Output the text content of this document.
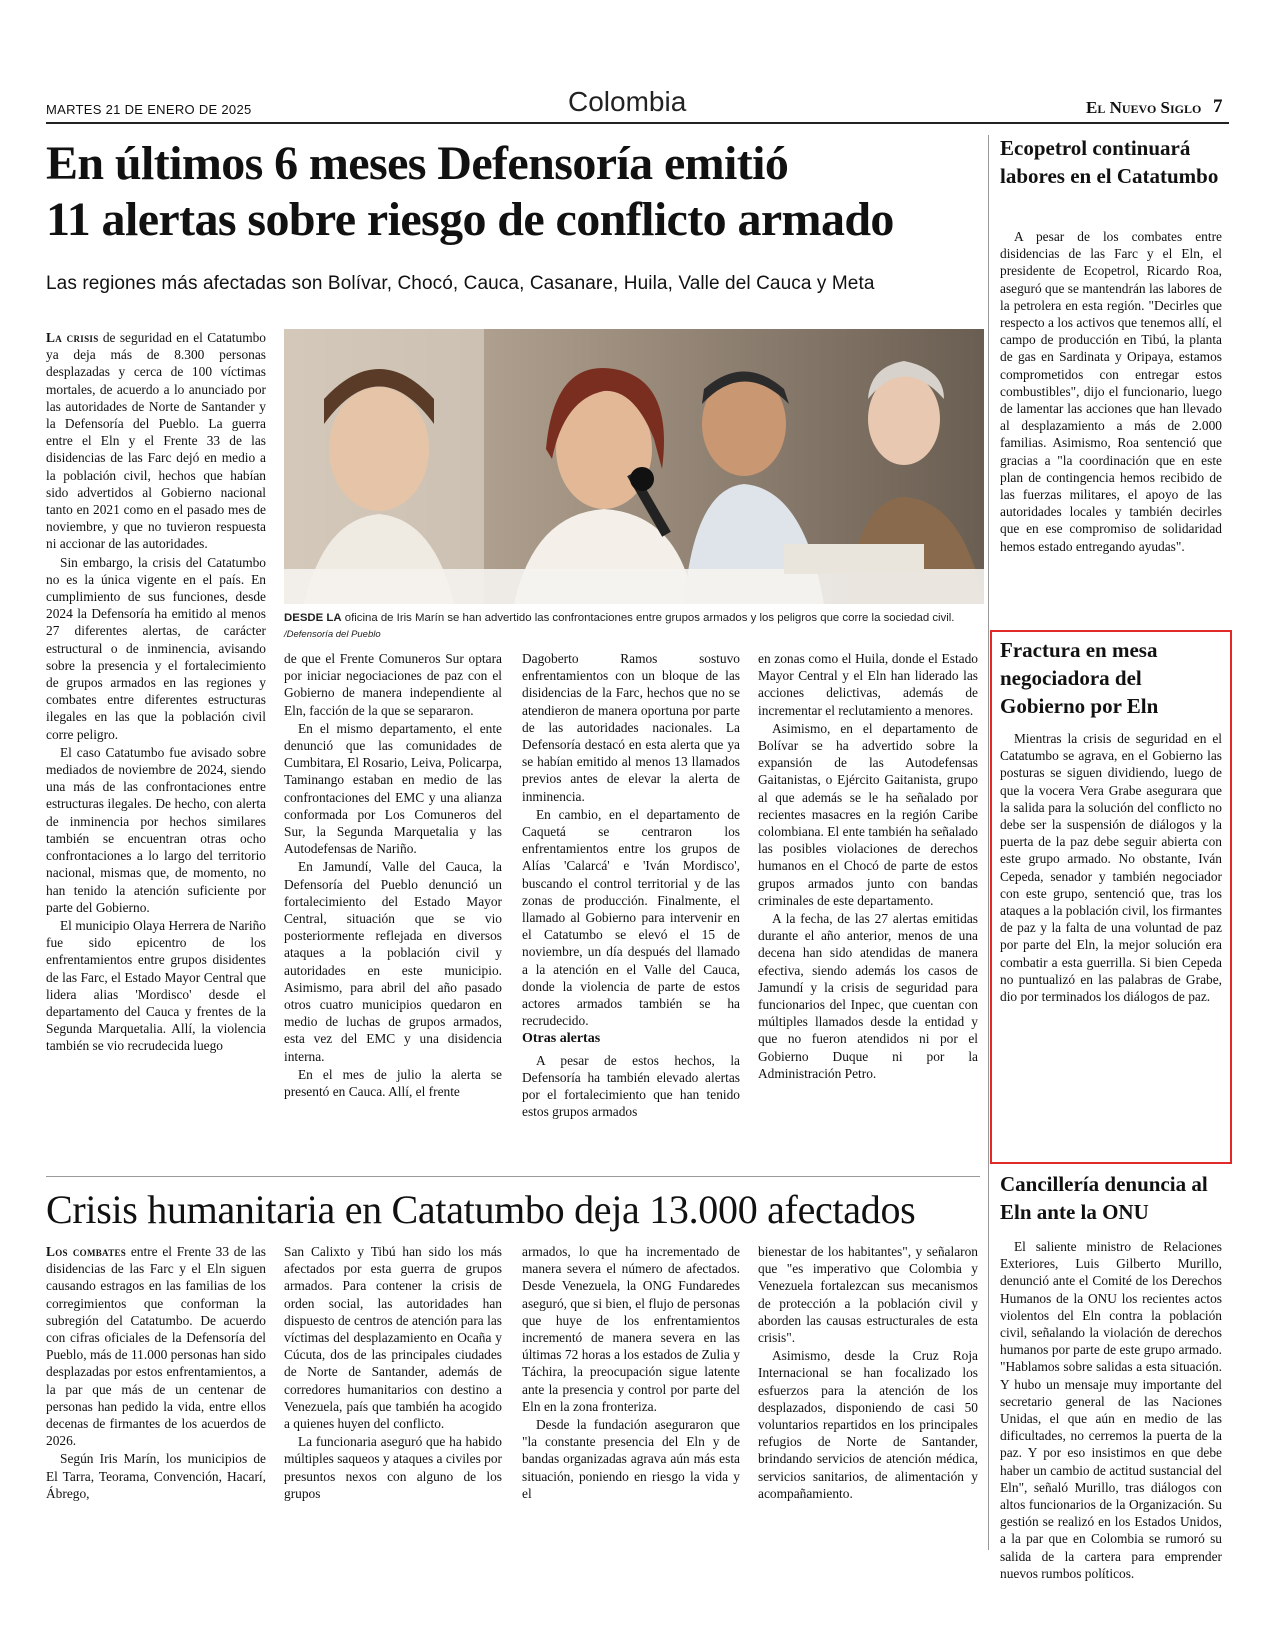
MARTES 21 DE ENERO DE 2025	Colombia	El Nuevo Siglo 7
En últimos 6 meses Defensoría emitió
11 alertas sobre riesgo de conflicto armado
Las regiones más afectadas son Bolívar, Chocó, Cauca, Casanare, Huila, Valle del Cauca y Meta

La crisis de seguridad en el Catatumbo ya deja más de 8.300 personas desplazadas y cerca de 100 víctimas mortales, de acuerdo a lo anunciado por las autoridades de Norte de Santander y la Defensoría del Pueblo. La guerra entre el Eln y el Frente 33 de las disidencias de las Farc dejó en medio a la población civil, hechos que habían sido advertidos al Gobierno nacional tanto en 2021 como en el pasado mes de noviembre, y que no tuvieron respuesta ni accionar de las autoridades.

Sin embargo, la crisis del Catatumbo no es la única vigente en el país. En cumplimiento de sus funciones, desde 2024 la Defensoría ha emitido al menos 27 diferentes alertas, de carácter estructural o de inminencia, avisando sobre la presencia y el fortalecimiento de grupos armados en las regiones y combates entre diferentes estructuras ilegales en las que la población civil corre peligro.

El caso Catatumbo fue avisado sobre mediados de noviembre de 2024, siendo una más de las confrontaciones entre estructuras ilegales. De hecho, con alerta de inminencia por hechos similares también se encuentran otras ocho confrontaciones a lo largo del territorio nacional, mismas que, de momento, no han tenido la atención suficiente por parte del Gobierno.

El municipio Olaya Herrera de Nariño fue sido epicentro de los enfrentamientos entre grupos disidentes de las Farc, el Estado Mayor Central que lidera alias 'Mordisco' desde el departamento del Cauca y frentes de la Segunda Marquetalia. Allí, la violencia también se vio recrudecida luego

DESDE LA oficina de Iris Marín se han advertido las confrontaciones entre grupos armados y los peligros que corre la sociedad civil. /Defensoría del Pueblo

de que el Frente Comuneros Sur optara por iniciar negociaciones de paz con el Gobierno de manera independiente al Eln, facción de la que se separaron.

En el mismo departamento, el ente denunció que las comunidades de Cumbitara, El Rosario, Leiva, Policarpa, Taminango estaban en medio de las confrontaciones del EMC y una alianza conformada por Los Comuneros del Sur, la Segunda Marquetalia y las Autodefensas de Nariño.

En Jamundí, Valle del Cauca, la Defensoría del Pueblo denunció un fortalecimiento del Estado Mayor Central, situación que se vio posteriormente reflejada en diversos ataques a la población civil y autoridades en este municipio. Asimismo, para abril del año pasado otros cuatro municipios quedaron en medio de luchas de grupos armados, esta vez del EMC y una disidencia interna.

En el mes de julio la alerta se presentó en Cauca. Allí, el frente

Dagoberto Ramos sostuvo enfrentamientos con un bloque de las disidencias de la Farc, hechos que no se atendieron de manera oportuna por parte de las autoridades nacionales. La Defensoría destacó en esta alerta que ya se habían emitido al menos 13 llamados previos antes de elevar la alerta de inminencia.

En cambio, en el departamento de Caquetá se centraron los enfrentamientos entre los grupos de Alías 'Calarcá' e 'Iván Mordisco', buscando el control territorial y de las zonas de producción. Finalmente, el llamado al Gobierno para intervenir en el Catatumbo se elevó el 15 de noviembre, un día después del llamado a la atención en el Valle del Cauca, donde la violencia de parte de estos actores armados también se ha recrudecido.

Otras alertas

A pesar de estos hechos, la Defensoría ha también elevado alertas por el fortalecimiento que han tenido estos grupos armados

en zonas como el Huila, donde el Estado Mayor Central y el Eln han liderado las acciones delictivas, además de incrementar el reclutamiento a menores.

Asimismo, en el departamento de Bolívar se ha advertido sobre la expansión de las Autodefensas Gaitanistas, o Ejército Gaitanista, grupo al que además se le ha señalado por recientes masacres en la región Caribe colombiana. El ente también ha señalado las posibles violaciones de derechos humanos en el Chocó de parte de estos grupos armados junto con bandas criminales de este departamento.

A la fecha, de las 27 alertas emitidas durante el año anterior, menos de una decena han sido atendidas de manera efectiva, siendo además los casos de Jamundí y la crisis de seguridad para funcionarios del Inpec, que cuentan con múltiples llamados desde la entidad y que no fueron atendidos ni por el Gobierno Duque ni por la Administración Petro.

Crisis humanitaria en Catatumbo deja 13.000 afectados

Los combates entre el Frente 33 de las disidencias de las Farc y el Eln siguen causando estragos en las familias de los corregimientos que conforman la subregión del Catatumbo. De acuerdo con cifras oficiales de la Defensoría del Pueblo, más de 11.000 personas han sido desplazadas por estos enfrentamientos, a la par que más de un centenar de personas han pedido la vida, entre ellos decenas de firmantes de los acuerdos de 2026.

Según Iris Marín, los municipios de El Tarra, Teorama, Convención, Hacarí, Ábrego,

San Calixto y Tibú han sido los más afectados por esta guerra de grupos armados. Para contener la crisis de orden social, las autoridades han dispuesto de centros de atención para las víctimas del desplazamiento en Ocaña y Cúcuta, dos de las principales ciudades de Norte de Santander, además de corredores humanitarios con destino a Venezuela, país que también ha acogido a quienes huyen del conflicto.

La funcionaria aseguró que ha habido múltiples saqueos y ataques a civiles por presuntos nexos con alguno de los grupos

armados, lo que ha incrementado de manera severa el número de afectados. Desde Venezuela, la ONG Fundaredes aseguró, que si bien, el flujo de personas que huye de los enfrentamientos incrementó de manera severa en las últimas 72 horas a los estados de Zulia y Táchira, la preocupación sigue latente ante la presencia y control por parte del Eln en la zona fronteriza.

Desde la fundación aseguraron que "la constante presencia del Eln y de bandas organizadas agrava aún más esta situación, poniendo en riesgo la vida y el

bienestar de los habitantes", y señalaron que "es imperativo que Colombia y Venezuela fortalezcan sus mecanismos de protección a la población civil y aborden las causas estructurales de esta crisis".

Asimismo, desde la Cruz Roja Internacional se han focalizado los esfuerzos para la atención de los desplazados, disponiendo de casi 50 voluntarios repartidos en los principales refugios de Norte de Santander, brindando servicios de atención médica, servicios sanitarios, de alimentación y acompañamiento.

Ecopetrol continuará labores en el Catatumbo

A pesar de los combates entre disidencias de las Farc y el Eln, el presidente de Ecopetrol, Ricardo Roa, aseguró que se mantendrán las labores de la petrolera en esta región. "Decirles que respecto a los activos que tenemos allí, el campo de producción en Tibú, la planta de gas en Sardinata y Oripaya, estamos comprometidos con entregar estos combustibles", dijo el funcionario, luego de lamentar las acciones que han llevado al desplazamiento a más de 2.000 familias. Asimismo, Roa sentenció que gracias a "la coordinación que en este plan de contingencia hemos recibido de las fuerzas militares, el apoyo de las autoridades locales y también decirles que en ese compromiso de solidaridad hemos estado entregando ayudas".

Fractura en mesa negociadora del Gobierno por Eln

Mientras la crisis de seguridad en el Catatumbo se agrava, en el Gobierno las posturas se siguen dividiendo, luego de que la vocera Vera Grabe asegurara que la salida para la solución del conflicto no debe ser la suspensión de diálogos y la puerta de la paz debe seguir abierta con este grupo armado. No obstante, Iván Cepeda, senador y también negociador con este grupo, sentenció que, tras los ataques a la población civil, los firmantes de paz y la falta de una voluntad de paz por parte del Eln, la mejor solución era combatir a esta guerrilla. Si bien Cepeda no puntualizó en las palabras de Grabe, dio por terminados los diálogos de paz.

Cancillería denuncia al Eln ante la ONU

El saliente ministro de Relaciones Exteriores, Luis Gilberto Murillo, denunció ante el Comité de los Derechos Humanos de la ONU los recientes actos violentos del Eln contra la población civil, señalando la violación de derechos humanos por parte de este grupo armado. "Hablamos sobre salidas a esta situación. Y hubo un mensaje muy importante del secretario general de las Naciones Unidas, el que aún en medio de las dificultades, no cerremos la puerta de la paz. Y por eso insistimos en que debe haber un cambio de actitud sustancial del Eln", señaló Murillo, tras diálogos con altos funcionarios de la Organización. Su gestión se realizó en los Estados Unidos, a la par que en Colombia se rumoró su salida de la cartera para emprender nuevos rumbos políticos.
